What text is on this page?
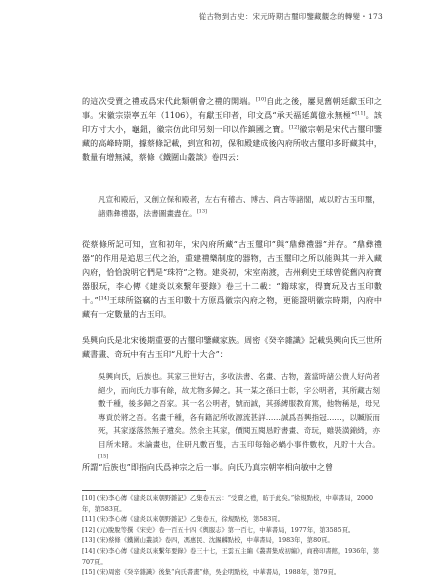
從古物到古史：宋元時期古璽印鑒藏觀念的轉變・173

的這次受賣之禮或爲宋代此類朝會之禮的開端。[10]自此之後，屢見舊朝廷獻玉印之事。宋徽宗崇寧五年（1106），有獻玉印者，印文爲“承天福延萬億永無極”[11]。該印方寸大小，龜鈕，徽宗仿此印另刻一印以作鎮國之寶。[12]徽宗朝是宋代古璽印鑒藏的高峰時期，據蔡條記載，到宣和初，保和殿建成後內府所收古璽印多盱藏其中，數量有增無減，蔡條《鐵圍山叢談》卷四云：

凡宣和殿后，又創立保和殿者，左右有稽古、博古、尚古等諸閣，咸以貯古玉印璽，諸鼎彝禮器，法書圖畫盡在。[13]

從蔡條所記可知，宣和初年，宋內府所藏“古玉璽印”與“鼎彝禮器”并存。“鼎彝禮器”的作用是追思三代之治，重建禮樂制度的器物，古玉璽印之所以能與其一并入藏內府，恰恰說明它們是“珠符”之物。建炎初，宋室南渡，吉州剩史王球曾從舊內府寶器服玩，李心傳《建炎以來繫年要錄》卷三十二載：“籍球家，得寶玩及古玉印數十。”[14]王球所盜竊的古玉印數十方原爲徽宗內府之物，更能證明徽宗時期，內府中藏有一定數量的古玉印。

吳興向氏是北宋後期重要的古璽印鑒藏家族。周密《癸辛雜識》記載吳興向氏三世所藏書畫、奇玩中有古玉印“凡貯十大合”：

吳興向氏，后族也。其家三世好古，多收法書、名畫、古物，蓋當時諸公貴人好尚者絕少，而向氏力事有餘，故尤物多歸之。其一某之孫曰士彰，字公明者，其所藏古刻數千種，後多歸之吾家。其一名公明者，號而誠，其孫縛服教育篤，他物稱是，母兄專貢於將之吾。名畫千種，各有籍記所收源流甚詳……誠爲吾興指冠……，以贓版而死，其家遂落然無子遺矣。然余主其家，價閱五閱恳貯書畫、奇玩，雖裝潢錦綺，亦目所未睹。未論畫也，住研凡數百隻，古玉印每翰必蝸小事件數枚，凡貯十大合。[15]

所謂“后族也”即指向氏爲神宗之后一事。向氏乃真宗朝宰相向敏中之曾

[10] (宋)李心傳《建炎以來朝野雜記》乙集卷五云：“受賣之禮，昉于此矣。”徐規點校，中華書局，2000年，第583頁。
[11] (宋)李心傳《建炎以來朝野雜記》乙集卷五，徐規點校，第583頁。
[12] (元)脫脫等撰《宋史》卷一百五十四《輿服志》第一百七，中華書局，1977年，第3585頁。
[13] (宋)蔡條《鐵圍山叢談》卷四，馮惠民、沈錫麟點校，中華書局，1983年，第80頁。
[14] (宋)李心傳《建炎以來繫年要錄》卷三十七，王雲五主編《叢書集成初編》，商務印書館，1936年，第707頁。
[15] (宋)周密《癸辛雜識》後集“向氏書畫”條，吳企明點校，中華書局，1988年，第79頁。
